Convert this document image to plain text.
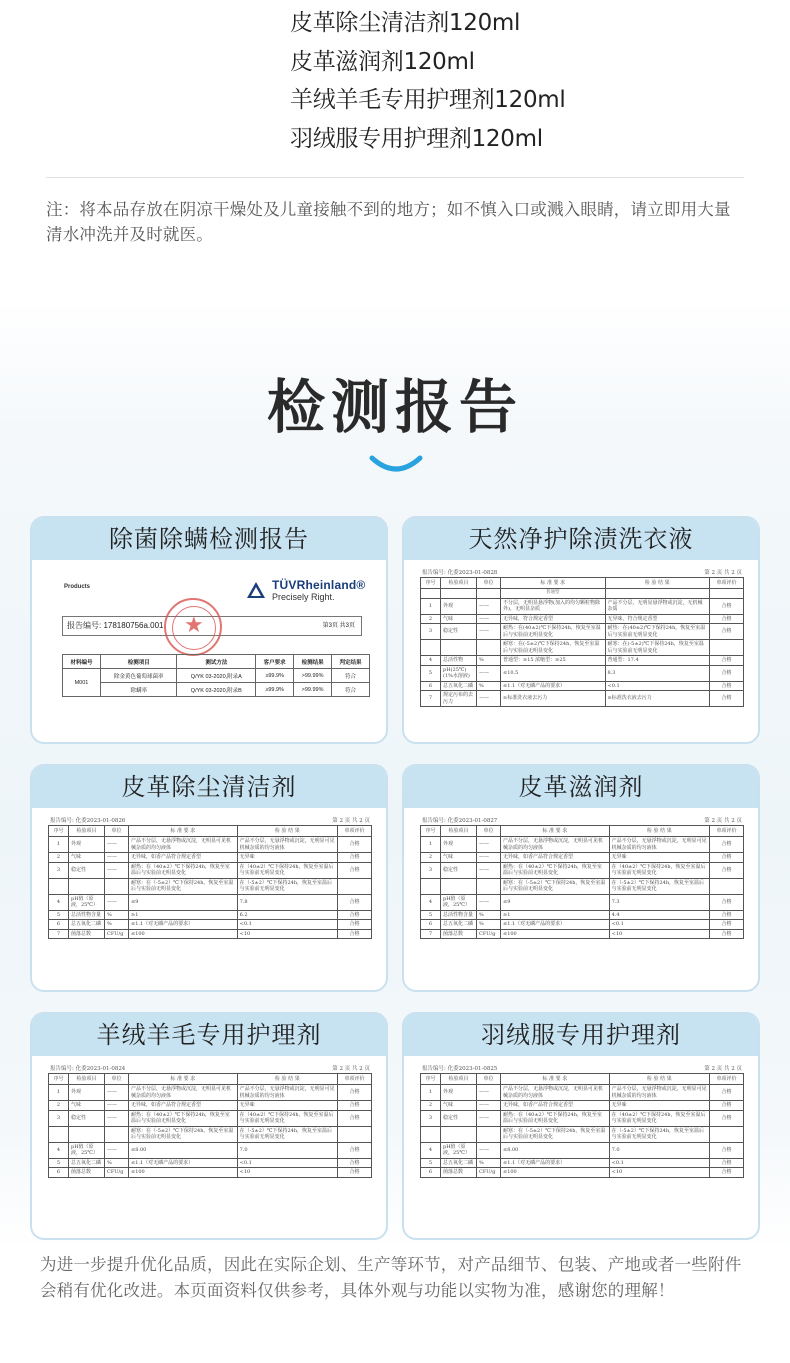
皮革除尘清洁剂120ml
皮革滋润剂120ml
羊绒羊毛专用护理剂120ml
羽绒服专用护理剂120ml
注：将本品存放在阴凉干燥处及儿童接触不到的地方；如不慎入口或溅入眼睛，请立即用大量清水冲洗并及时就医。
检测报告
除菌除螨检测报告
Products	TÜVRheinland®
Precisely Right.
报告编号: 178180756a.001	第3页 共3页
★
材料编号	检测项目	测试方法	客户要求	检测结果	判定结果
M001	除金黄色葡萄球菌率	Q/YK 03-2020,附录A	≥99.9%	>99.99%	符合
	除螨率	Q/YK 03-2020,附录B	≥99.9%	>99.99%	符合
天然净护除渍洗衣液
报告编号: 化委2023-01-0828	第 2 页 共 2 页
序号	检验项目	单位	标 准 要 求	检 验 结 果	单项评价
			普通型		
1	外观	——	不分层，无明显悬浮物(加入的均匀颗粒物除外)，无明显杂质	产品不分层，无明显悬浮物或沉淀，无机械杂质	合格
2	气味	——	无异味，符合规定香型	无异味，符合规定香型	合格
3	稳定性	——	耐热：在(40±2)℃下保持24h，恢复至室温后与实验前无明显变化	耐热：在(40±2)℃下保持24h，恢复至室温后与实验前无明显变化	合格
			耐寒：在(-5±2)℃下保持24h，恢复至室温后与实验前无明显变化	耐寒：在(-5±2)℃下保持24h，恢复至室温后与实验前无明显变化	
4	总活性物	%	普通型：≥15 浓缩型：≥25	普通型：17.4	合格
5	pH(25℃)(1%水溶液)	——	≤10.5	8.3	合格
6	总五氧化二磷	%	≤1.1（对无磷产品的要求）	<0.1	合格
7	规定污布的去污力	——	≥标准洗衣液去污力	≥标准洗衣液去污力	合格
皮革除尘清洁剂
报告编号: 化委2023-01-0826	第 2 页 共 2 页
序号	检验项目	单位	标 准 要 求	检 验 结 果	单项评价
1	外观	——	产品不分层，无悬浮物或沉淀，无明显可见机械杂质的均匀液体	产品不分层，无悬浮物或沉淀，无明显可见机械杂质的均匀液体	合格
2	气味	——	无异味，如香产品符合规定香型	无异味	合格
3	稳定性	——	耐热：在（40±2）℃下保持24h，恢复至室温后与实验前无明显变化	在（40±2）℃下保持24h，恢复至室温后与实验前无明显变化	合格
			耐寒：在（-5±2）℃下保持24h，恢复至室温后与实验前无明显变化	在（-5±2）℃下保持24h，恢复至室温后与实验前无明显变化	
4	pH值（原液，25℃）	——	≤9	7.8	合格
5	总活性物含量	%	≥1	6.2	合格
6	总五氧化二磷	%	≤1.1（对无磷产品的要求）	<0.1	合格
7	菌落总数	CFU/g	≤100	<10	合格
皮革滋润剂
报告编号: 化委2023-01-0827	第 2 页 共 2 页
序号	检验项目	单位	标 准 要 求	检 验 结 果	单项评价
1	外观	——	产品不分层，无悬浮物或沉淀，无明显可见机械杂质的均匀液体	产品不分层，无悬浮物或沉淀，无明显可见机械杂质的均匀液体	合格
2	气味	——	无异味，如香产品符合规定香型	无异味	合格
3	稳定性	——	耐热：在（40±2）℃下保持24h，恢复至室温后与实验前无明显变化	在（40±2）℃下保持24h，恢复至室温后与实验前无明显变化	合格
			耐寒：在（-5±2）℃下保持24h，恢复至室温后与实验前无明显变化	在（-5±2）℃下保持24h，恢复至室温后与实验前无明显变化	
4	pH值（原液，25℃）	——	≤9	7.3	合格
5	总活性物含量	%	≥1	4.4	合格
6	总五氧化二磷	%	≤1.1（对无磷产品的要求）	<0.1	合格
7	菌落总数	CFU/g	≤100	<10	合格
羊绒羊毛专用护理剂
报告编号: 化委2023-01-0824	第 2 页 共 2 页
序号	检验项目	单位	标 准 要 求	检 验 结 果	单项评价
1	外观	——	产品不分层，无悬浮物或沉淀，无明显可见机械杂质的均匀液体	产品不分层，无悬浮物或沉淀，无明显可见机械杂质的均匀液体	合格
2	气味	——	无异味，如香产品符合规定香型	无异味	合格
3	稳定性	——	耐热：在（40±2）℃下保持24h，恢复至室温后与实验前无明显变化	在（40±2）℃下保持24h，恢复至室温后与实验前无明显变化	合格
			耐寒：在（-5±2）℃下保持24h，恢复至室温后与实验前无明显变化	在（-5±2）℃下保持24h，恢复至室温后与实验前无明显变化	
4	pH值（原液，25℃）	——	≤8.00	7.0	合格
5	总五氧化二磷	%	≤1.1（对无磷产品的要求）	<0.1	合格
6	菌落总数	CFU/g	≤100	<10	合格
羽绒服专用护理剂
报告编号: 化委2023-01-0825	第 2 页 共 2 页
序号	检验项目	单位	标 准 要 求	检 验 结 果	单项评价
1	外观	——	产品不分层，无悬浮物或沉淀，无明显可见机械杂质的均匀液体	产品不分层，无悬浮物或沉淀，无明显可见机械杂质的均匀液体	合格
2	气味	——	无异味，如香产品符合规定香型	无异味	合格
3	稳定性	——	耐热：在（40±2）℃下保持24h，恢复至室温后与实验前无明显变化	在（40±2）℃下保持24h，恢复至室温后与实验前无明显变化	合格
			耐寒：在（-5±2）℃下保持24h，恢复至室温后与实验前无明显变化	在（-5±2）℃下保持24h，恢复至室温后与实验前无明显变化	
4	pH值（原液，25℃）	——	≤8.00	7.0	合格
5	总五氧化二磷	%	≤1.1（对无磷产品的要求）	<0.1	合格
6	菌落总数	CFU/g	≤100	<10	合格
为进一步提升优化品质，因此在实际企划、生产等环节，对产品细节、包装、产地或者一些附件会稍有优化改进。本页面资料仅供参考，具体外观与功能以实物为准，感谢您的理解！
